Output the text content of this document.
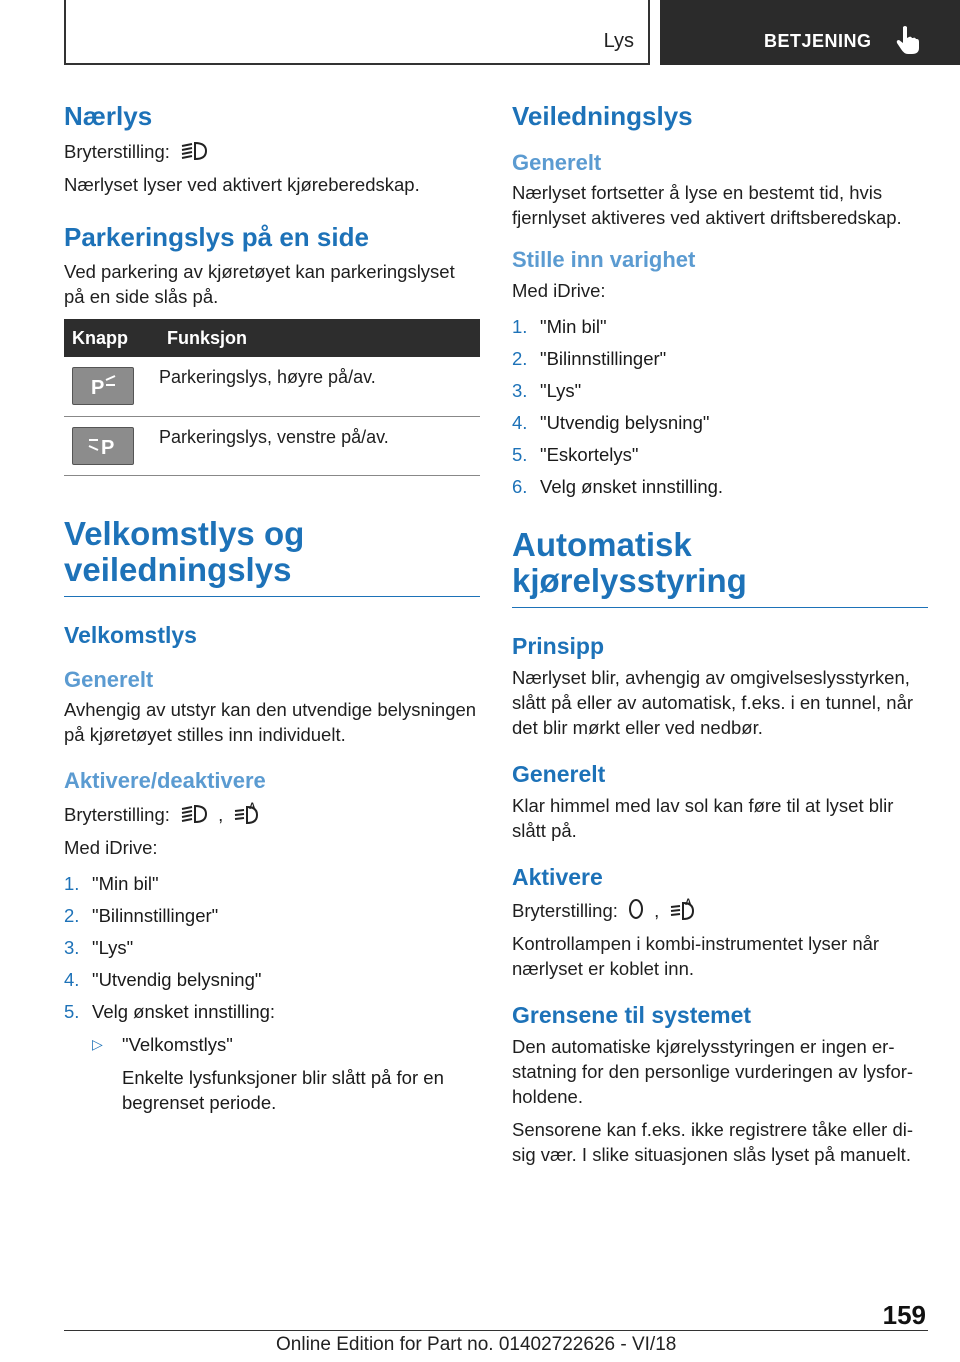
Lys	BETJENING
Nærlys
Bryterstilling:
Nærlyset lyser ved aktivert kjøreberedskap.
Parkeringslys på en side
Ved parkering av kjøretøyet kan parkeringslyset på en side slås på.
Knapp	Funksjon

P	Parkeringslys, høyre på/av.

P	Parkeringslys, venstre på/av.
Velkomstlys og veiledningslys
Velkomstlys
Generelt
Avhengig av utstyr kan den utvendige belysningen på kjøretøyet stilles inn individuelt.
Aktivere/deaktivere
Bryterstilling:	,	A
Med iDrive:
1. "Min bil"
2. "Bilinnstillinger"
3. "Lys"
4. "Utvendig belysning"
5. Velg ønsket innstilling:
▷ "Velkomstlys"
Enkelte lysfunksjoner blir slått på for en begrenset periode.
Veiledningslys
Generelt
Nærlyset fortsetter å lyse en bestemt tid, hvis fjernlyset aktiveres ved aktivert driftsberedskap.
Stille inn varighet
Med iDrive:
1. "Min bil"
2. "Bilinnstillinger"
3. "Lys"
4. "Utvendig belysning"
5. "Eskortelys"
6. Velg ønsket innstilling.
Automatisk kjørelysstyring
Prinsipp
Nærlyset blir, avhengig av omgivelseslysstyrken, slått på eller av automatisk, f.eks. i en tunnel, når det blir mørkt eller ved nedbør.
Generelt
Klar himmel med lav sol kan føre til at lyset blir slått på.
Aktivere
Bryterstilling: ,	A
Kontrollampen i kombi-instrumentet lyser når nærlyset er koblet inn.
Grensene til systemet
Den automatiske kjørelysstyringen er ingen erstatning for den personlige vurderingen av lysforholdene.
Sensorene kan f.eks. ikke registrere tåke eller disig vær. I slike situasjonen slås lyset på manuelt.
159
Online Edition for Part no. 01402722626 - VI/18
